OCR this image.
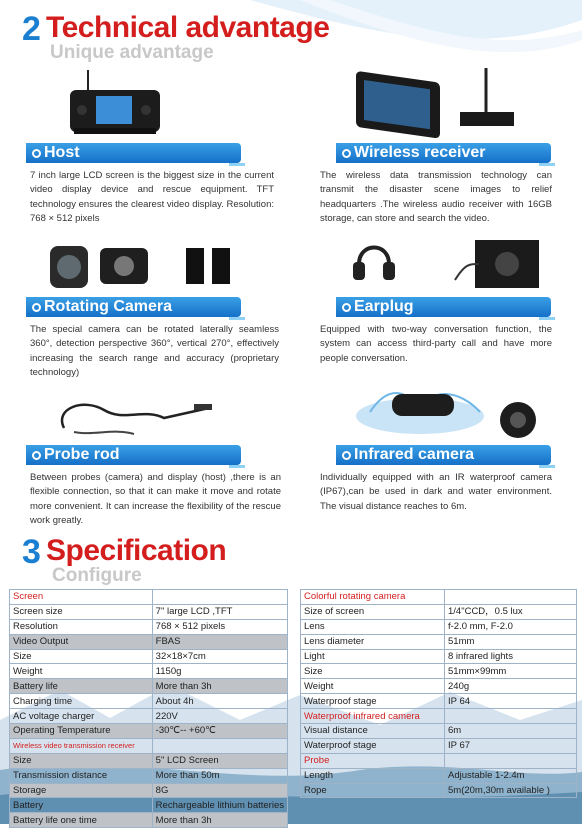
2 Technical advantage
Unique advantage
Host
7 inch large LCD screen is the biggest size in the current video display device and rescue equipment. TFT technology ensures the clearest video display. Resolution: 768 × 512 pixels
Wireless receiver
The wireless data transmission technology can transmit the disaster scene images to relief headquarters .The wireless audio receiver with 16GB storage, can store and search the video.
Rotating Camera
The special camera can be rotated laterally seamless 360°, detection perspective 360°, vertical 270°, effectively increasing the search range and accuracy (proprietary technology)
Earplug
Equipped with two-way conversation function, the system can access third-party call and have more people conversation.
Probe rod
Between probes (camera) and display (host) ,there is an flexible connection, so that it can make it move and rotate more convenient. It can increase the flexibility of the rescue work greatly.
Infrared camera
Individually equipped with an IR waterproof camera (IP67),can be used in dark and water environment. The visual distance reaches to 6m.
3 Specification
Configure
Screen	
Screen size	7" large LCD ,TFT
Resolution	768 × 512 pixels
Video Output	FBAS
Size	32×18×7cm
Weight	1150g
Battery life	More than 3h
Charging time	About 4h
AC voltage charger	220V
Operating Temperature	-30℃-- +60℃
Wireless video transmission receiver	
Size	5" LCD Screen
Transmission distance	More than 50m
Storage	8G
Battery	Rechargeable lithium batteries
Battery life one time	More than 3h
Colorful rotating camera	
Size of screen	1/4"CCD，0.5 lux
Lens	f-2.0 mm, F-2.0
Lens diameter	51mm
Light	8 infrared lights
Size	51mm×99mm
Weight	240g
Waterproof stage	IP 64
Waterproof infrared camera	
Visual distance	6m
Waterproof stage	IP 67
Probe	
Length	Adjustable 1-2.4m
Rope	5m(20m,30m available )
